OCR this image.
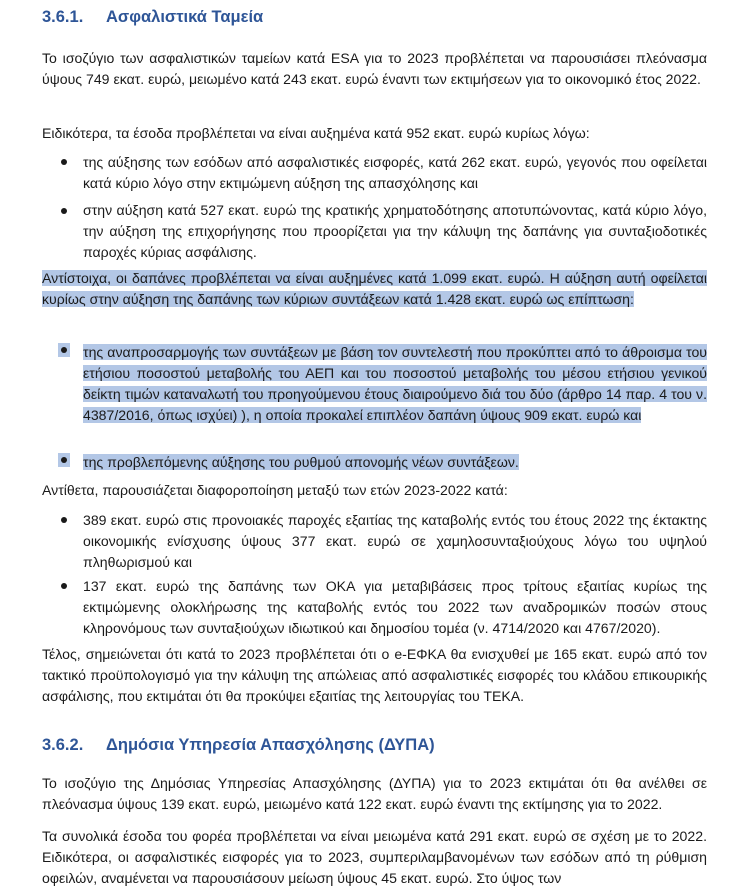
3.6.1. Ασφαλιστικά Ταμεία

Το ισοζύγιο των ασφαλιστικών ταμείων κατά ESA για το 2023 προβλέπεται να παρουσιάσει πλεόνασμα ύψους 749 εκατ. ευρώ, μειωμένο κατά 243 εκατ. ευρώ έναντι των εκτιμήσεων για το οικονομικό έτος 2022.

Ειδικότερα, τα έσοδα προβλέπεται να είναι αυξημένα κατά 952 εκατ. ευρώ κυρίως λόγω:

της αύξησης των εσόδων από ασφαλιστικές εισφορές, κατά 262 εκατ. ευρώ, γεγονός που οφείλεται κατά κύριο λόγο στην εκτιμώμενη αύξηση της απασχόλησης και

στην αύξηση κατά 527 εκατ. ευρώ της κρατικής χρηματοδότησης αποτυπώνοντας, κατά κύριο λόγο, την αύξηση της επιχορήγησης που προορίζεται για την κάλυψη της δαπάνης για συνταξιοδοτικές παροχές κύριας ασφάλισης.

Αντίστοιχα, οι δαπάνες προβλέπεται να είναι αυξημένες κατά 1.099 εκατ. ευρώ. Η αύξηση αυτή οφείλεται κυρίως στην αύξηση της δαπάνης των κύριων συντάξεων κατά 1.428 εκατ. ευρώ ως επίπτωση:

της αναπροσαρμογής των συντάξεων με βάση τον συντελεστή που προκύπτει από το άθροισμα του ετήσιου ποσοστού μεταβολής του ΑΕΠ και του ποσοστού μεταβολής του μέσου ετήσιου γενικού δείκτη τιμών καταναλωτή του προηγούμενου έτους διαιρούμενο διά του δύο (άρθρο 14 παρ. 4 του ν. 4387/2016, όπως ισχύει) ), η οποία προκαλεί επιπλέον δαπάνη ύψους 909 εκατ. ευρώ και

της προβλεπόμενης αύξησης του ρυθμού απονομής νέων συντάξεων.

Αντίθετα, παρουσιάζεται διαφοροποίηση μεταξύ των ετών 2023-2022 κατά:

389 εκατ. ευρώ στις προνοιακές παροχές εξαιτίας της καταβολής εντός του έτους 2022 της έκτακτης οικονομικής ενίσχυσης ύψους 377 εκατ. ευρώ σε χαμηλοσυνταξιούχους λόγω του υψηλού πληθωρισμού και

137 εκατ. ευρώ της δαπάνης των ΟΚΑ για μεταβιβάσεις προς τρίτους εξαιτίας κυρίως της εκτιμώμενης ολοκλήρωσης της καταβολής εντός του 2022 των αναδρομικών ποσών στους κληρονόμους των συνταξιούχων ιδιωτικού και δημοσίου τομέα (ν. 4714/2020 και 4767/2020).

Τέλος, σημειώνεται ότι κατά το 2023 προβλέπεται ότι ο e-ΕΦΚΑ θα ενισχυθεί με 165 εκατ. ευρώ από τον τακτικό προϋπολογισμό για την κάλυψη της απώλειας από ασφαλιστικές εισφορές του κλάδου επικουρικής ασφάλισης, που εκτιμάται ότι θα προκύψει εξαιτίας της λειτουργίας του ΤΕΚΑ.

3.6.2. Δημόσια Υπηρεσία Απασχόλησης (ΔΥΠΑ)

Το ισοζύγιο της Δημόσιας Υπηρεσίας Απασχόλησης (ΔΥΠΑ) για το 2023 εκτιμάται ότι θα ανέλθει σε πλεόνασμα ύψους 139 εκατ. ευρώ, μειωμένο κατά 122 εκατ. ευρώ έναντι της εκτίμησης για το 2022.

Τα συνολικά έσοδα του φορέα προβλέπεται να είναι μειωμένα κατά 291 εκατ. ευρώ σε σχέση με το 2022. Ειδικότερα, οι ασφαλιστικές εισφορές για το 2023, συμπεριλαμβανομένων των εσόδων από τη ρύθμιση οφειλών, αναμένεται να παρουσιάσουν μείωση ύψους 45 εκατ. ευρώ. Στο ύψος των
